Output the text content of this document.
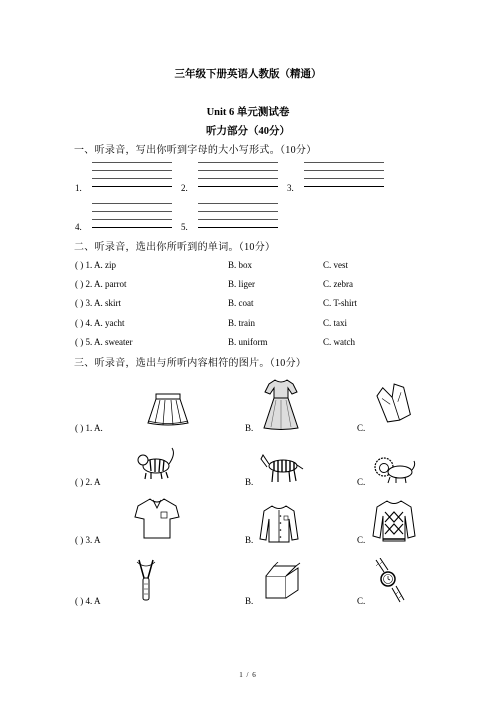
三年级下册英语人教版（精通）
Unit 6 单元测试卷
听力部分（40分）
一、听录音，写出你听到字母的大小写形式。（10分）
1.	2.	3.
4.	5.
二、听录音，选出你所听到的单词。（10分）
( ) 1. A. zip	B. box	C. vest
( ) 2. A. parrot	B. liger	C. zebra
( ) 3. A. skirt	B. coat	C. T-shirt
( ) 4. A. yacht	B. train	C. taxi
( ) 5. A. sweater	B. uniform	C. watch
三、听录音，选出与所听内容相符的图片。（10分）
( ) 1. A.	B.	C.
( ) 2. A	B.	C.
( ) 3. A	B.	C.
( ) 4. A	B.	C.
1 / 6
